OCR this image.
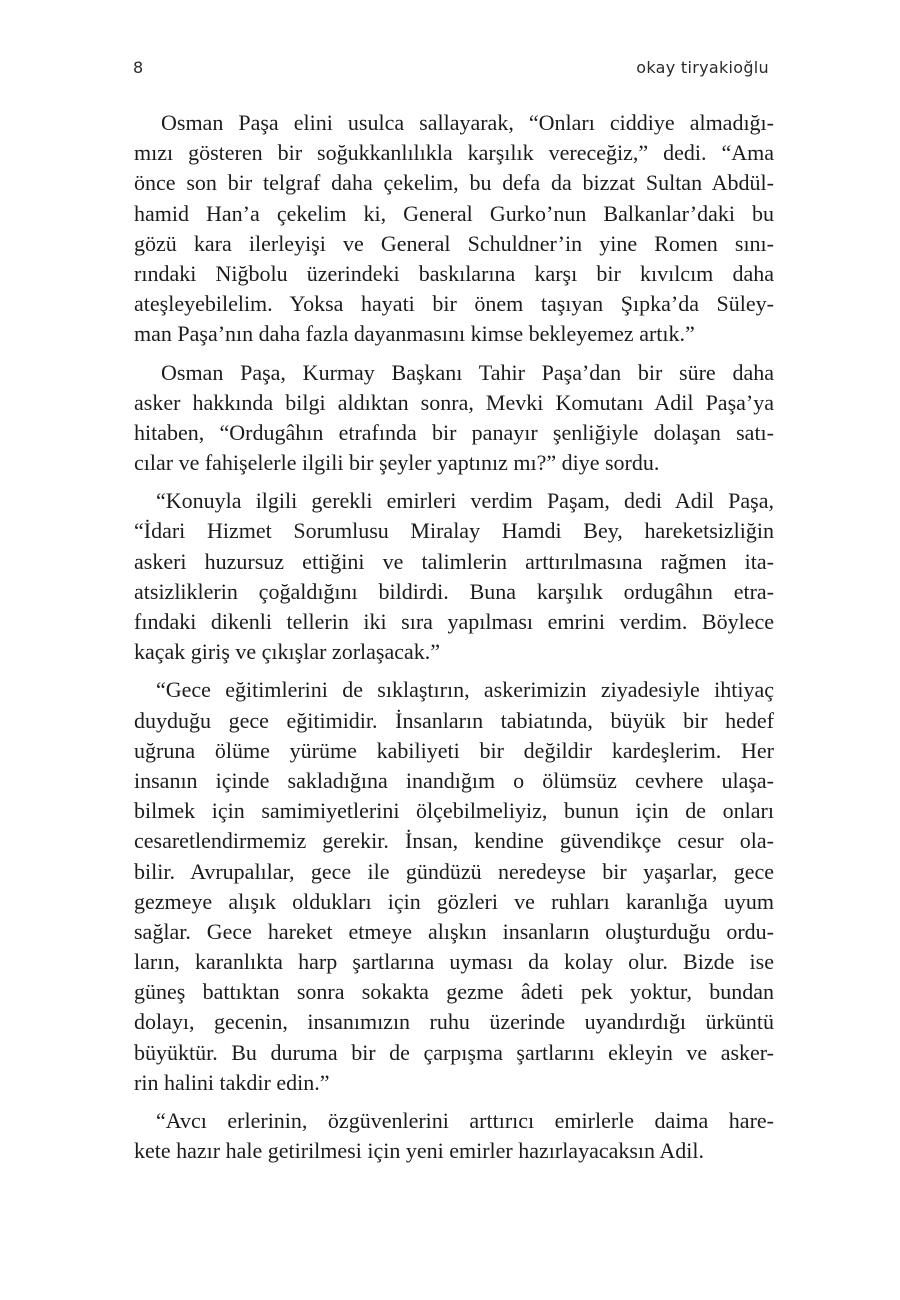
8	okay tiryakioğlu
Osman Paşa elini usulca sallayarak, “Onları ciddiye almadığı-
mızı gösteren bir soğukkanlılıkla karşılık vereceğiz,” dedi. “Ama
önce son bir telgraf daha çekelim, bu defa da bizzat Sultan Abdül-
hamid Han’a çekelim ki, General Gurko’nun Balkanlar’daki bu
gözü kara ilerleyişi ve General Schuldner’in yine Romen sını-
rındaki Niğbolu üzerindeki baskılarına karşı bir kıvılcım daha
ateşleyebilelim. Yoksa hayati bir önem taşıyan Şıpka’da Süley-
man Paşa’nın daha fazla dayanmasını kimse bekleyemez artık.”
Osman Paşa, Kurmay Başkanı Tahir Paşa’dan bir süre daha
asker hakkında bilgi aldıktan sonra, Mevki Komutanı Adil Paşa’ya
hitaben, “Ordugâhın etrafında bir panayır şenliğiyle dolaşan satı-
cılar ve fahişelerle ilgili bir şeyler yaptınız mı?” diye sordu.
“Konuyla ilgili gerekli emirleri verdim Paşam, dedi Adil Paşa,
“İdari Hizmet Sorumlusu Miralay Hamdi Bey, hareketsizliğin
askeri huzursuz ettiğini ve talimlerin arttırılmasına rağmen ita-
atsizliklerin çoğaldığını bildirdi. Buna karşılık ordugâhın etra-
fındaki dikenli tellerin iki sıra yapılması emrini verdim. Böylece
kaçak giriş ve çıkışlar zorlaşacak.”
“Gece eğitimlerini de sıklaştırın, askerimizin ziyadesiyle ihtiyaç
duyduğu gece eğitimidir. İnsanların tabiatında, büyük bir hedef
uğruna ölüme yürüme kabiliyeti bir değildir kardeşlerim. Her
insanın içinde sakladığına inandığım o ölümsüz cevhere ulaşa-
bilmek için samimiyetlerini ölçebilmeliyiz, bunun için de onları
cesaretlendirmemiz gerekir. İnsan, kendine güvendikçe cesur ola-
bilir. Avrupalılar, gece ile gündüzü neredeyse bir yaşarlar, gece
gezmeye alışık oldukları için gözleri ve ruhları karanlığa uyum
sağlar. Gece hareket etmeye alışkın insanların oluşturduğu ordu-
ların, karanlıkta harp şartlarına uyması da kolay olur. Bizde ise
güneş battıktan sonra sokakta gezme âdeti pek yoktur, bundan
dolayı, gecenin, insanımızın ruhu üzerinde uyandırdığı ürküntü
büyüktür. Bu duruma bir de çarpışma şartlarını ekleyin ve asker-
rin halini takdir edin.”
“Avcı erlerinin, özgüvenlerini arttırıcı emirlerle daima hare-
kete hazır hale getirilmesi için yeni emirler hazırlayacaksın Adil.
